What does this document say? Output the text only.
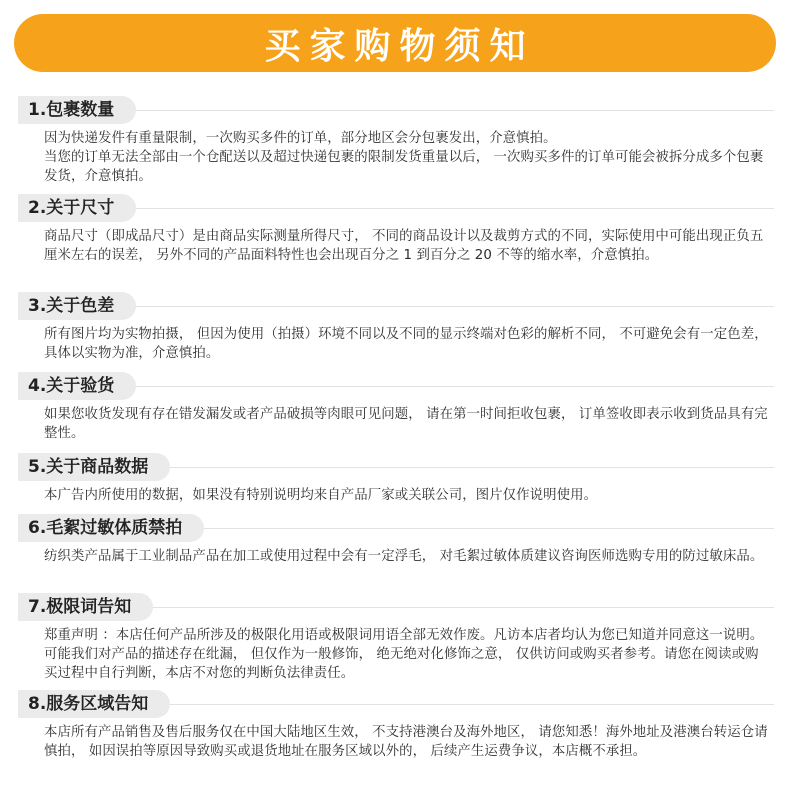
买家购物须知
1.包裹数量
因为快递发件有重量限制，一次购买多件的订单，部分地区会分包裹发出，介意慎拍。
当您的订单无法全部由一个仓配送以及超过快递包裹的限制发货重量以后， 一次购买多件的订单可能会被拆分成多个包裹发货，介意慎拍。
2.关于尺寸
商品尺寸（即成品尺寸）是由商品实际测量所得尺寸， 不同的商品设计以及裁剪方式的不同，实际使用中可能出现正负五厘米左右的误差， 另外不同的产品面料特性也会出现百分之 1 到百分之 20 不等的缩水率，介意慎拍。
3.关于色差
所有图片均为实物拍摄， 但因为使用（拍摄）环境不同以及不同的显示终端对色彩的解析不同， 不可避免会有一定色差，具体以实物为准，介意慎拍。
4.关于验货
如果您收货发现有存在错发漏发或者产品破损等肉眼可见问题， 请在第一时间拒收包裹， 订单签收即表示收到货品具有完整性。
5.关于商品数据
本广告内所使用的数据，如果没有特别说明均来自产品厂家或关联公司，图片仅作说明使用。
6.毛絮过敏体质禁拍
纺织类产品属于工业制品产品在加工或使用过程中会有一定浮毛， 对毛絮过敏体质建议咨询医师选购专用的防过敏床品。
7.极限词告知
郑重声明 ：本店任何产品所涉及的极限化用语或极限词用语全部无效作废。凡访本店者均认为您已知道并同意这一说明。可能我们对产品的描述存在纰漏， 但仅作为一般修饰， 绝无绝对化修饰之意， 仅供访问或购买者参考。请您在阅读或购买过程中自行判断，本店不对您的判断负法律责任。
8.服务区域告知
本店所有产品销售及售后服务仅在中国大陆地区生效， 不支持港澳台及海外地区， 请您知悉！海外地址及港澳台转运仓请慎拍， 如因误拍等原因导致购买或退货地址在服务区域以外的， 后续产生运费争议，本店概不承担。
